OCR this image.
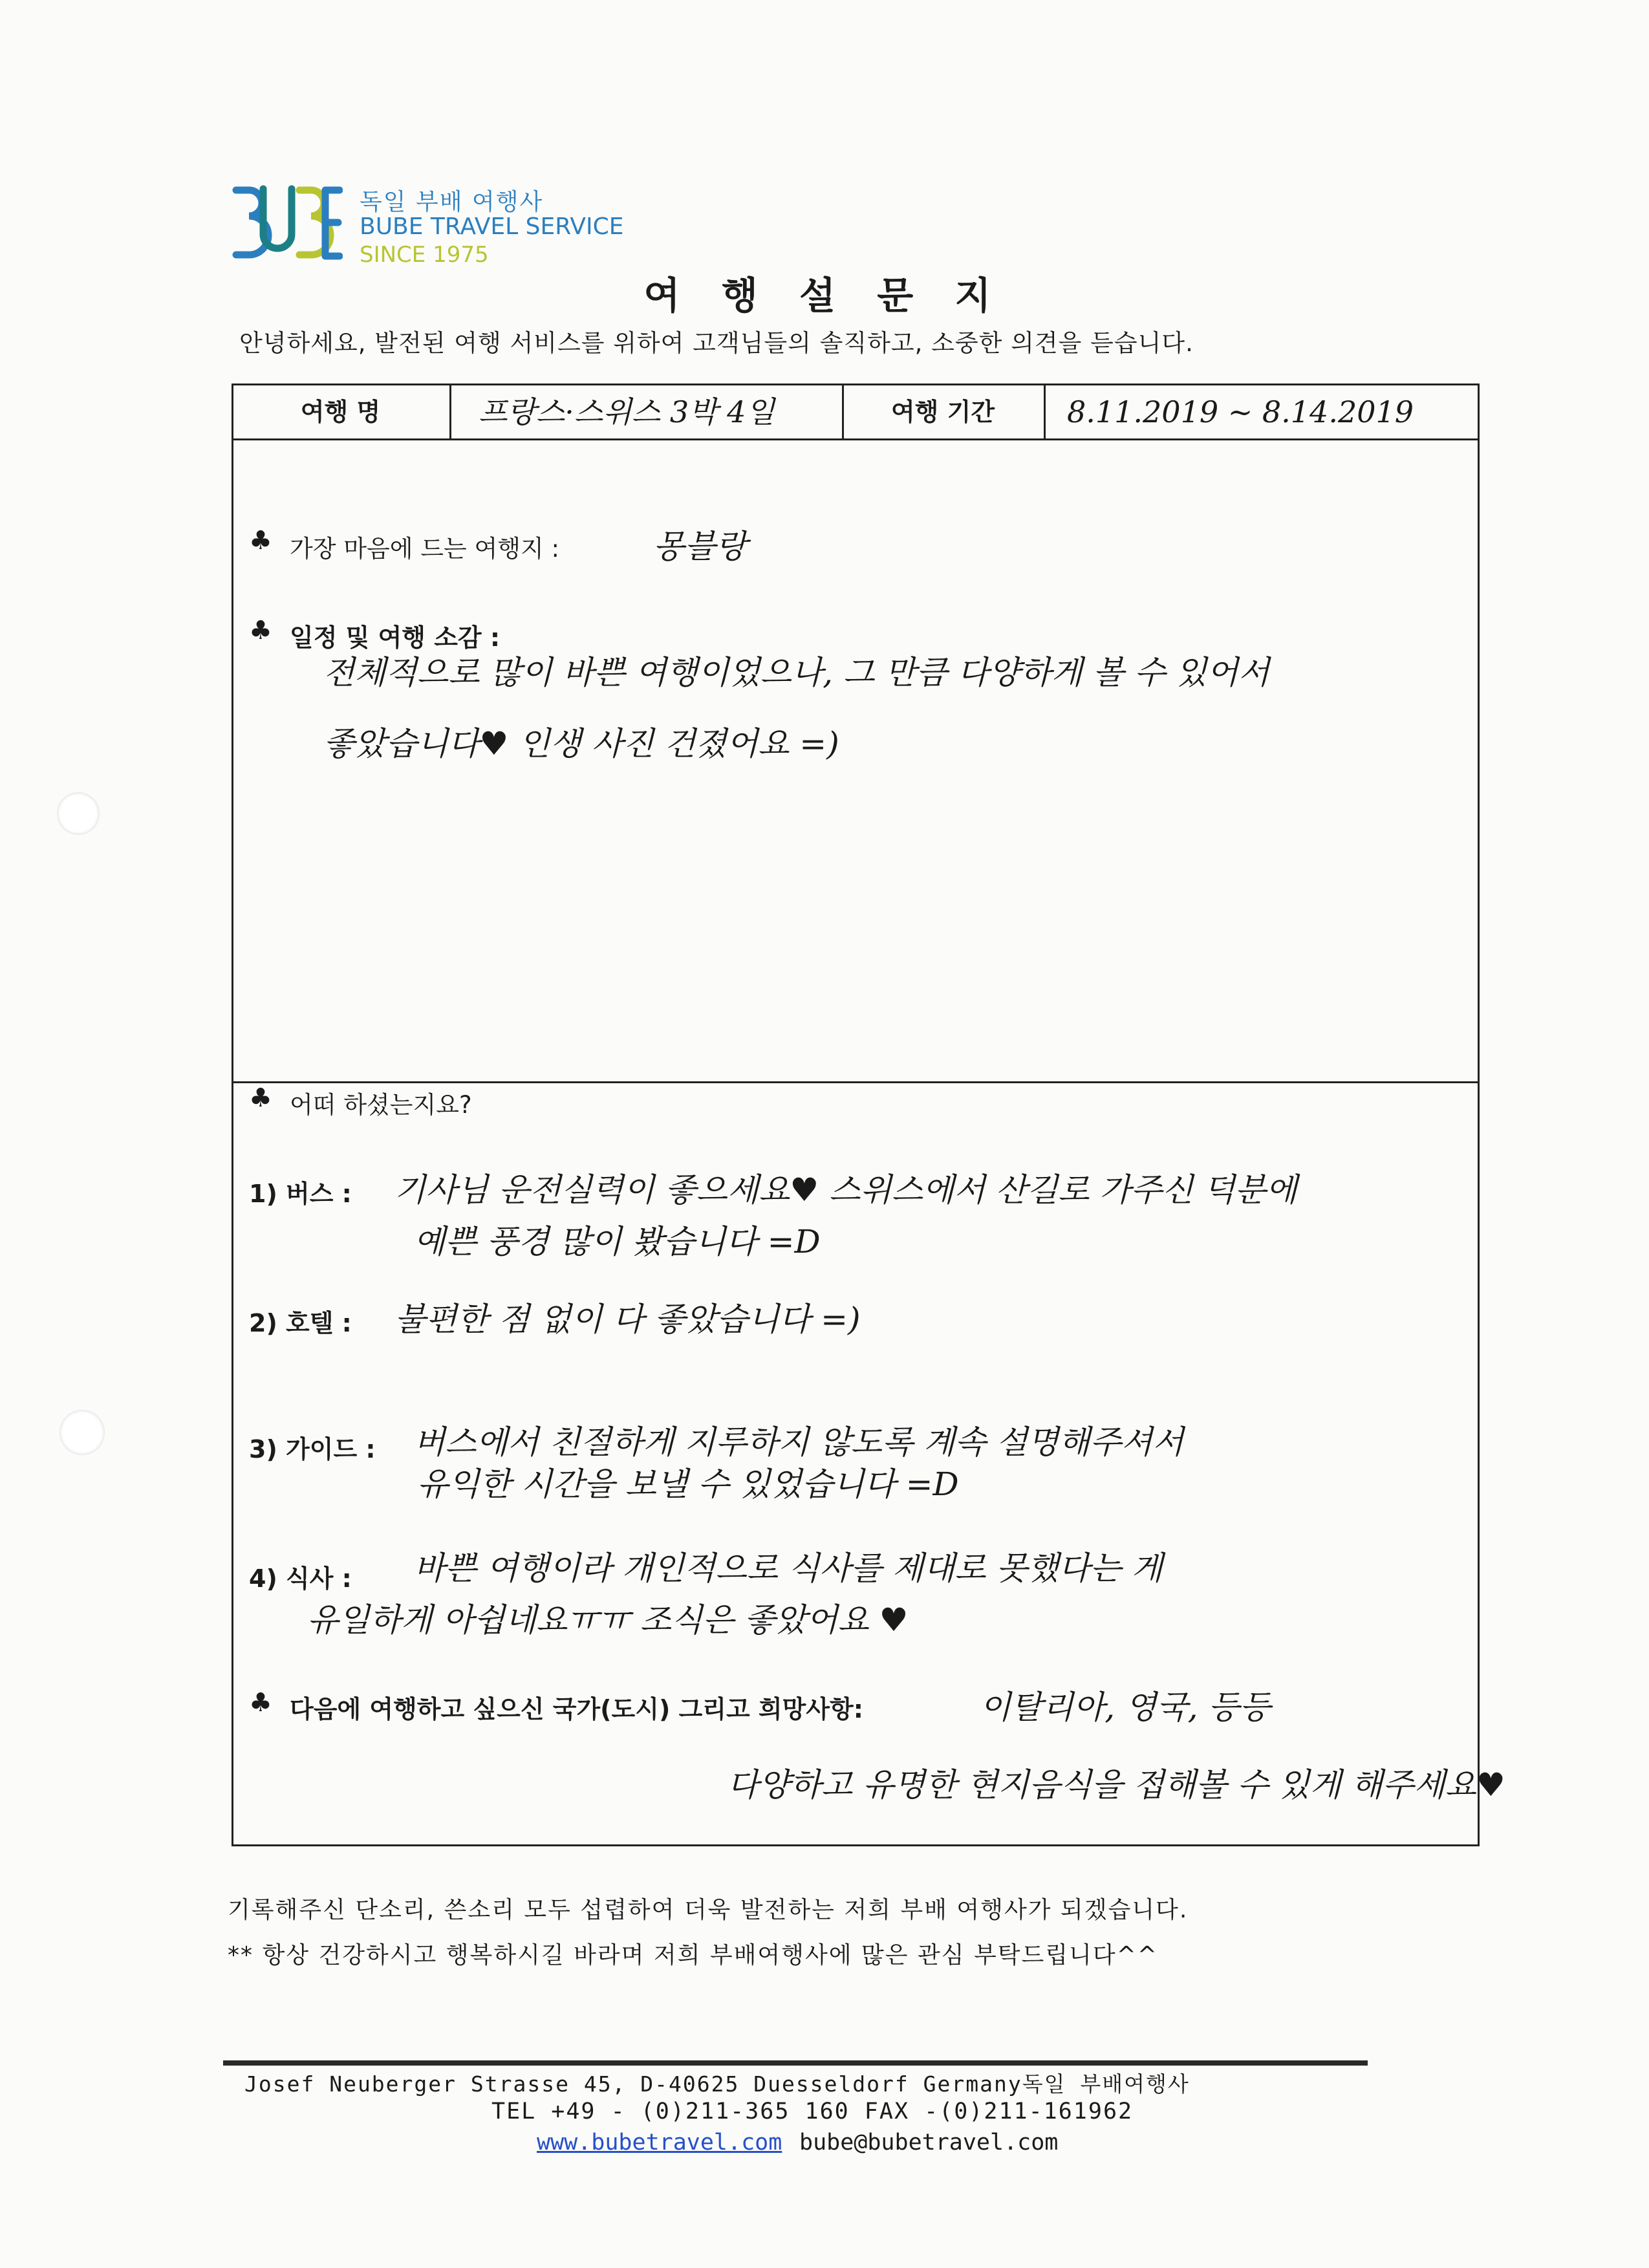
독일 부배 여행사
BUBE TRAVEL SERVICE
SINCE 1975
여 행 설 문 지
안녕하세요, 발전된 여행 서비스를 위하여 고객님들의 솔직하고, 소중한 의견을 듣습니다.
여행 명	프랑스·스위스 3박 4일	여행 기간	8.11.2019 ~ 8.14.2019
♣ 가장 마음에 드는 여행지 :	몽블랑
♣ 일정 및 여행 소감 :
전체적으로 많이 바쁜 여행이었으나, 그 만큼 다양하게 볼 수 있어서
좋았습니다♥ 인생 사진 건졌어요 =)
♣ 어떠 하셨는지요?
1) 버스 : 기사님 운전실력이 좋으세요♥ 스위스에서 산길로 가주신 덕분에
예쁜 풍경 많이 봤습니다 =D
2) 호텔 : 불편한 점 없이 다 좋았습니다 =)
3) 가이드 : 버스에서 친절하게 지루하지 않도록 계속 설명해주셔서
유익한 시간을 보낼 수 있었습니다 =D
4) 식사 : 바쁜 여행이라 개인적으로 식사를 제대로 못했다는 게
유일하게 아쉽네요ㅠㅠ 조식은 좋았어요 ♥
♣ 다음에 여행하고 싶으신 국가(도시) 그리고 희망사항:	이탈리아, 영국, 등등
다양하고 유명한 현지음식을 접해볼 수 있게 해주세요♥
기록해주신 단소리, 쓴소리 모두 섭렵하여 더욱 발전하는 저희 부배 여행사가 되겠습니다.
** 항상 건강하시고 행복하시길 바라며 저희 부배여행사에 많은 관심 부탁드립니다^^
Josef Neuberger Strasse 45, D-40625 Duesseldorf Germany독일 부배여행사
TEL +49 - (0)211-365 160 FAX -(0)211-161962
www.bubetravel.com bube@bubetravel.com
